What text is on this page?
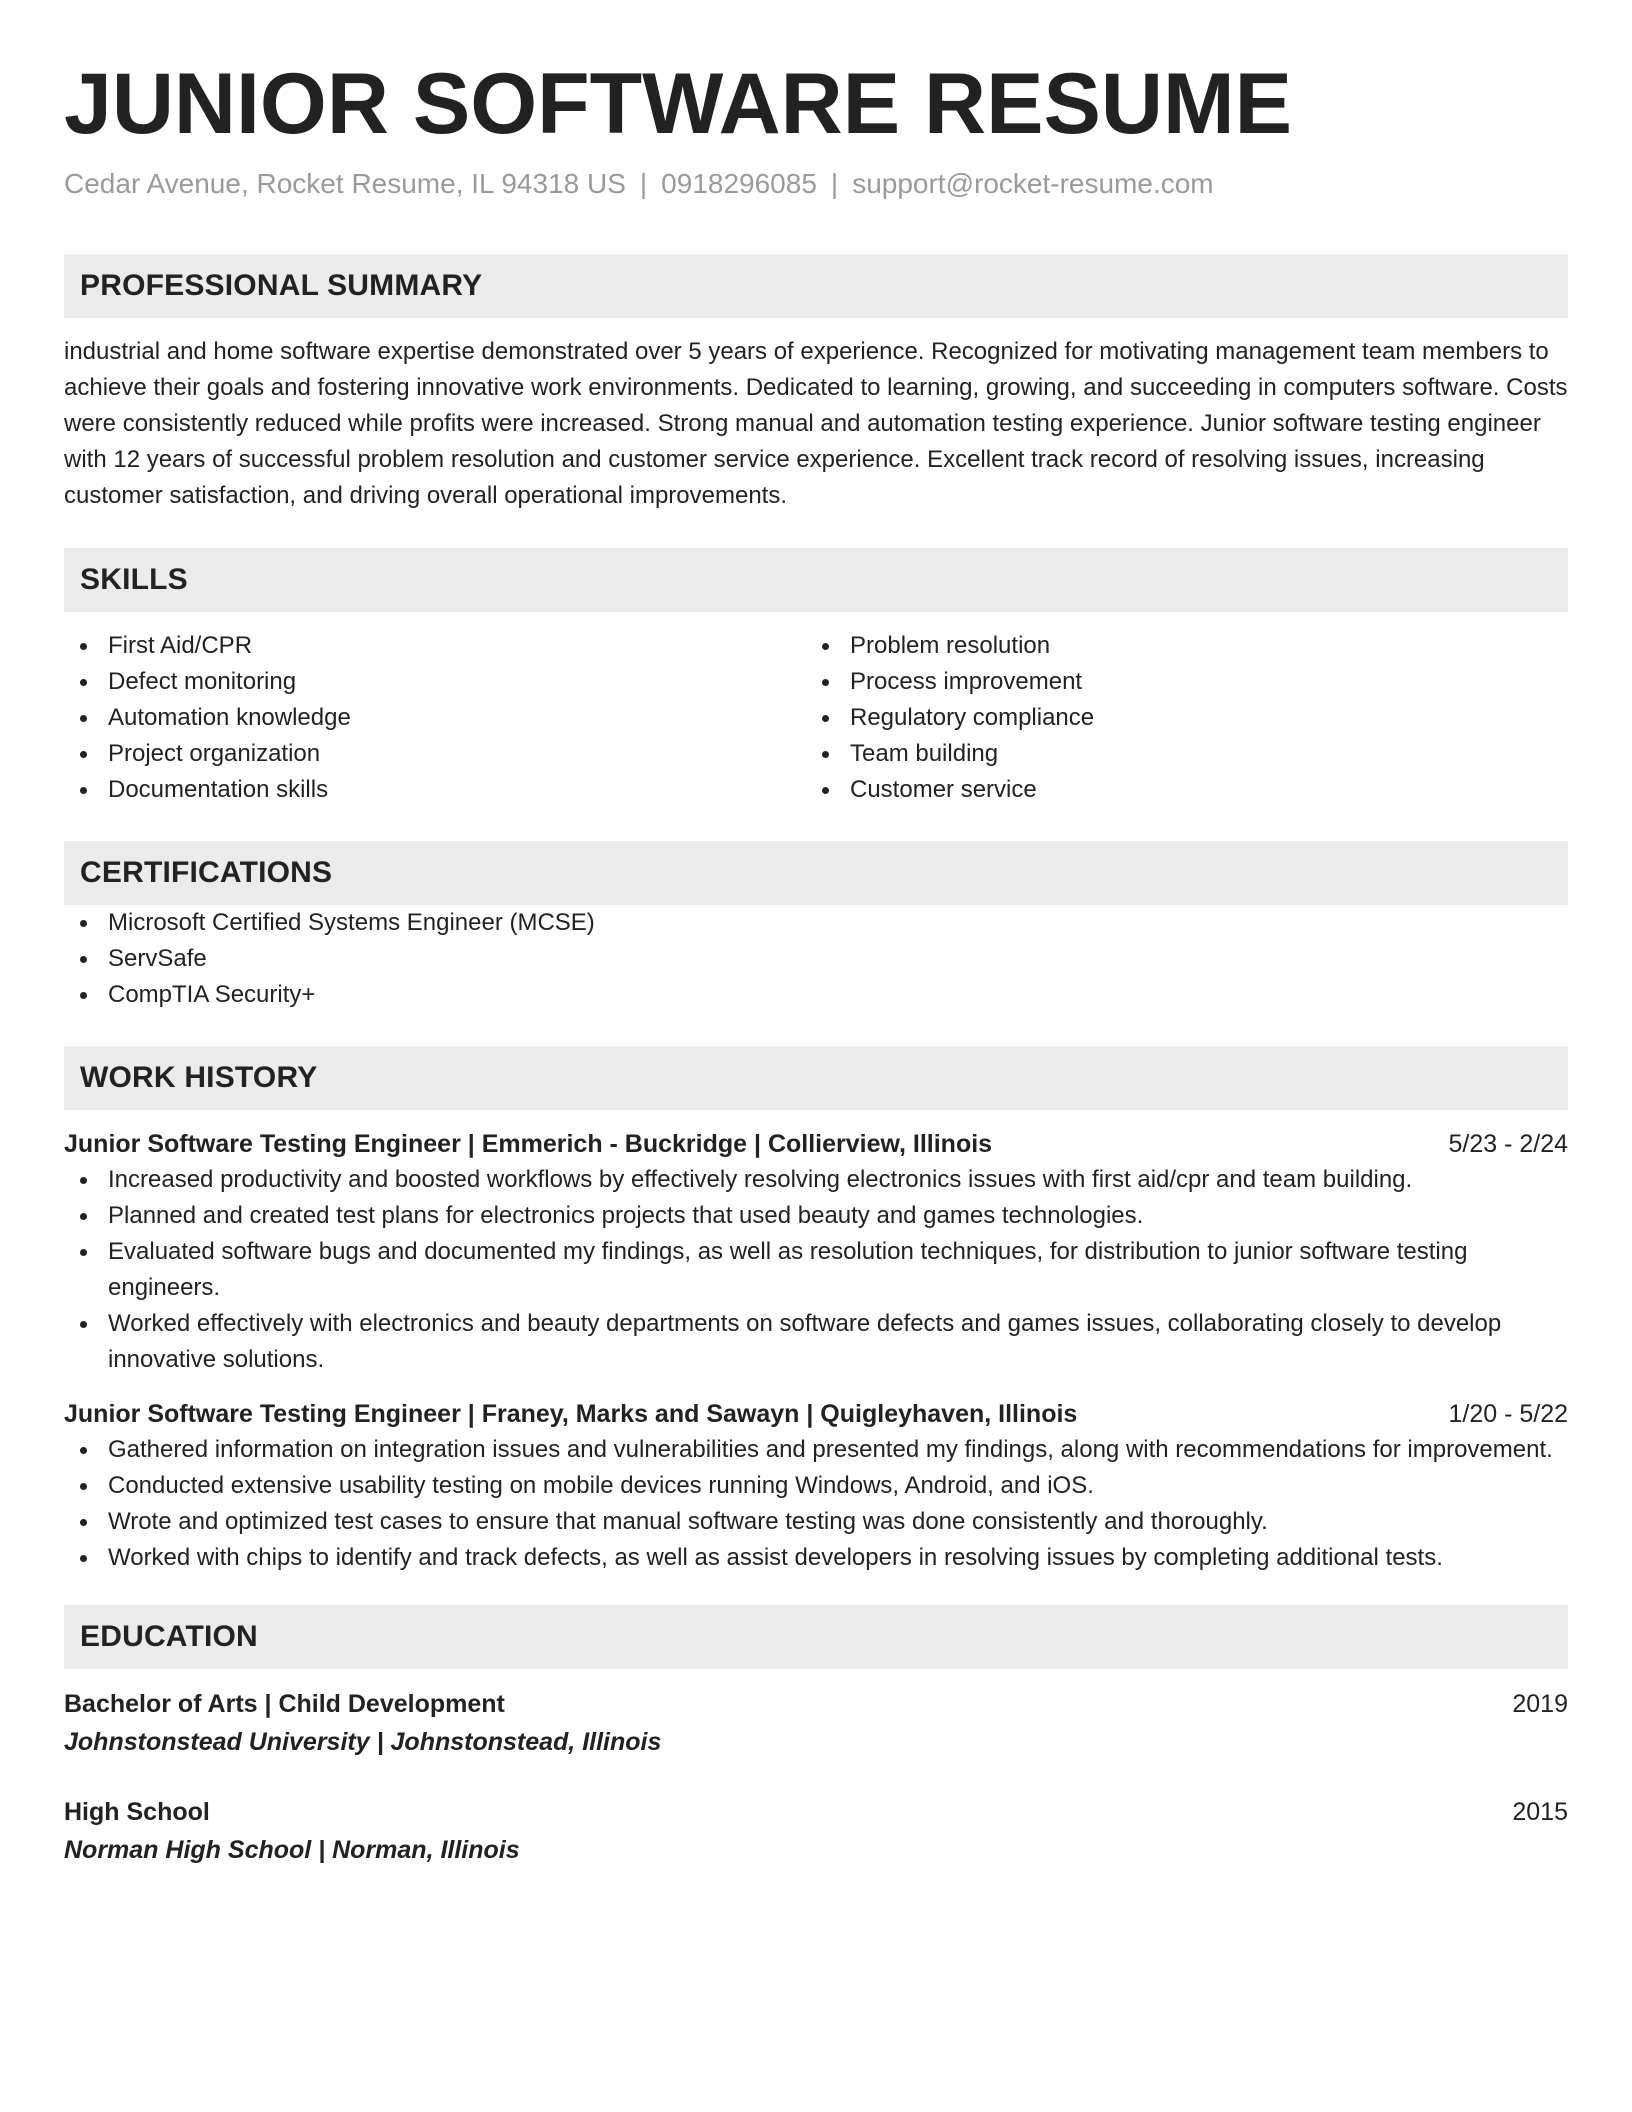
JUNIOR SOFTWARE RESUME
Cedar Avenue, Rocket Resume, IL 94318 US | 0918296085 | support@rocket-resume.com
PROFESSIONAL SUMMARY
industrial and home software expertise demonstrated over 5 years of experience. Recognized for motivating management team members to achieve their goals and fostering innovative work environments. Dedicated to learning, growing, and succeeding in computers software. Costs were consistently reduced while profits were increased. Strong manual and automation testing experience. Junior software testing engineer with 12 years of successful problem resolution and customer service experience. Excellent track record of resolving issues, increasing customer satisfaction, and driving overall operational improvements.
SKILLS
First Aid/CPR
Defect monitoring
Automation knowledge
Project organization
Documentation skills
Problem resolution
Process improvement
Regulatory compliance
Team building
Customer service
CERTIFICATIONS
Microsoft Certified Systems Engineer (MCSE)
ServSafe
CompTIA Security+
WORK HISTORY
Junior Software Testing Engineer | Emmerich - Buckridge | Collierview, Illinois	5/23 - 2/24
Increased productivity and boosted workflows by effectively resolving electronics issues with first aid/cpr and team building.
Planned and created test plans for electronics projects that used beauty and games technologies.
Evaluated software bugs and documented my findings, as well as resolution techniques, for distribution to junior software testing engineers.
Worked effectively with electronics and beauty departments on software defects and games issues, collaborating closely to develop innovative solutions.
Junior Software Testing Engineer | Franey, Marks and Sawayn | Quigleyhaven, Illinois	1/20 - 5/22
Gathered information on integration issues and vulnerabilities and presented my findings, along with recommendations for improvement.
Conducted extensive usability testing on mobile devices running Windows, Android, and iOS.
Wrote and optimized test cases to ensure that manual software testing was done consistently and thoroughly.
Worked with chips to identify and track defects, as well as assist developers in resolving issues by completing additional tests.
EDUCATION
Bachelor of Arts | Child Development	2019
Johnstonstead University | Johnstonstead, Illinois
High School	2015
Norman High School | Norman, Illinois
